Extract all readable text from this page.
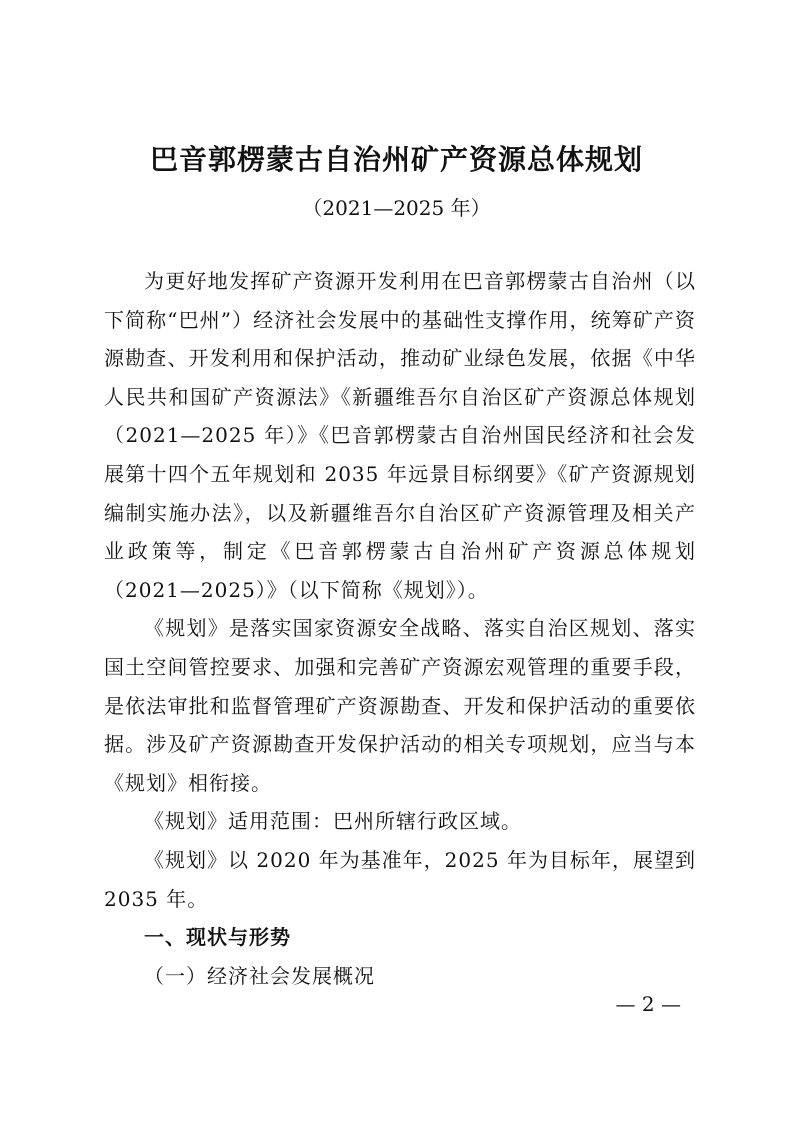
巴音郭楞蒙古自治州矿产资源总体规划
（2021—2025 年）

为更好地发挥矿产资源开发利用在巴音郭楞蒙古自治州（以下简称“巴州”）经济社会发展中的基础性支撑作用，统筹矿产资源勘查、开发利用和保护活动，推动矿业绿色发展，依据《中华人民共和国矿产资源法》《新疆维吾尔自治区矿产资源总体规划（2021—2025 年）》《巴音郭楞蒙古自治州国民经济和社会发展第十四个五年规划和 2035 年远景目标纲要》《矿产资源规划编制实施办法》，以及新疆维吾尔自治区矿产资源管理及相关产业政策等，制定《巴音郭楞蒙古自治州矿产资源总体规划（2021—2025）》（以下简称《规划》）。

《规划》是落实国家资源安全战略、落实自治区规划、落实国土空间管控要求、加强和完善矿产资源宏观管理的重要手段，是依法审批和监督管理矿产资源勘查、开发和保护活动的重要依据。涉及矿产资源勘查开发保护活动的相关专项规划，应当与本《规划》相衔接。

《规划》适用范围：巴州所辖行政区域。

《规划》以 2020 年为基准年，2025 年为目标年，展望到 2035 年。

一、现状与形势

（一）经济社会发展概况

— 2 —
